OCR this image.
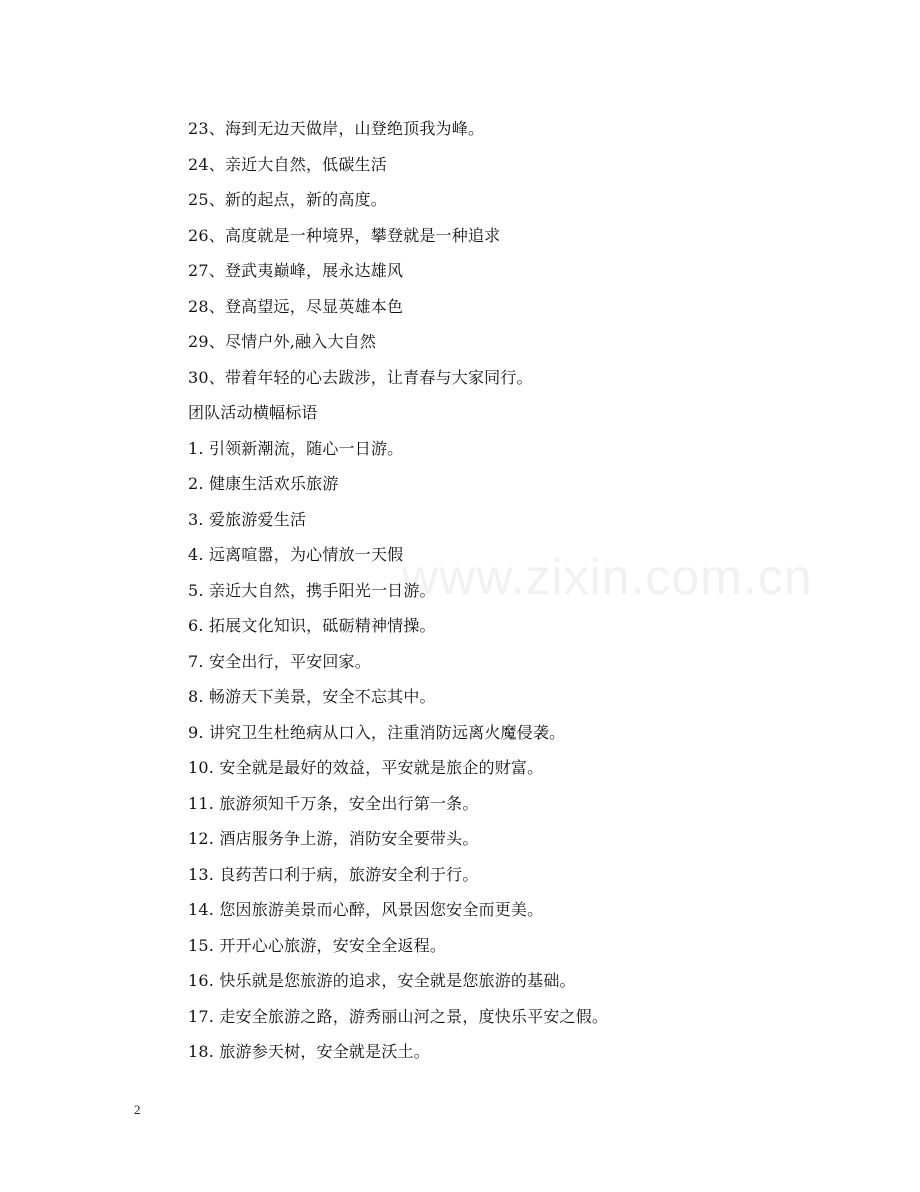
www.zixin.com.cn
23、海到无边天做岸，山登绝顶我为峰。
24、亲近大自然，低碳生活
25、新的起点，新的高度。
26、高度就是一种境界，攀登就是一种追求
27、登武夷巅峰，展永达雄风
28、登高望远，尽显英雄本色
29、尽情户外,融入大自然
30、带着年轻的心去跋涉，让青春与大家同行。
团队活动横幅标语
1. 引领新潮流，随心一日游。
2. 健康生活欢乐旅游
3. 爱旅游爱生活
4. 远离喧嚣，为心情放一天假
5. 亲近大自然，携手阳光一日游。
6. 拓展文化知识，砥砺精神情操。
7. 安全出行，平安回家。
8. 畅游天下美景，安全不忘其中。
9. 讲究卫生杜绝病从口入，注重消防远离火魔侵袭。
10. 安全就是最好的效益，平安就是旅企的财富。
11. 旅游须知千万条，安全出行第一条。
12. 酒店服务争上游，消防安全要带头。
13. 良药苦口利于病，旅游安全利于行。
14. 您因旅游美景而心醉，风景因您安全而更美。
15. 开开心心旅游，安安全全返程。
16. 快乐就是您旅游的追求，安全就是您旅游的基础。
17. 走安全旅游之路，游秀丽山河之景，度快乐平安之假。
18. 旅游参天树，安全就是沃土。
2
